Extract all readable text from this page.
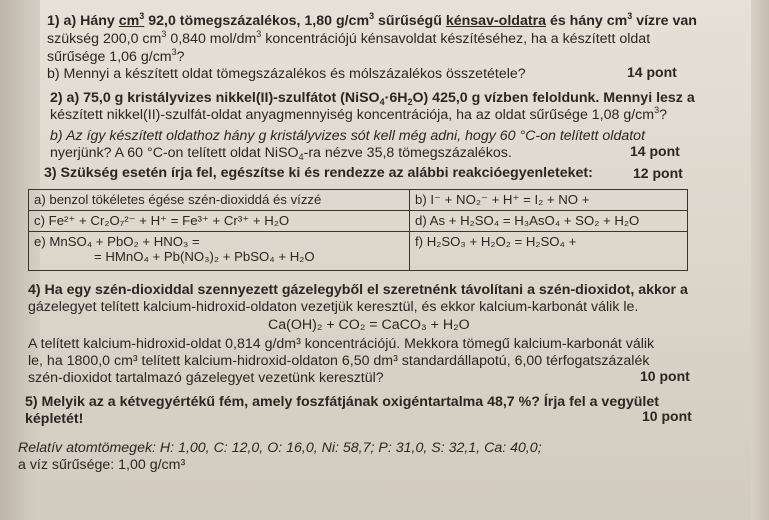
1) a) Hány $cm^3$ 92,0 tömegszázalékos, 1,80 $g/cm^3$ sűrűségű kénsav-oldatra és hány $cm^3$ vízre van
szükség 200,0 $cm^3$ 0,840 mol/$dm^3$ koncentrációjú kénsavoldat készítéséhez, ha a készített oldat
sűrűsége 1,06 $g/cm^3$?
b) Mennyi a készített oldat tömegszázalékos és mólszázalékos összetétele?	14 pont
2) a) 75,0 g kristályvizes nikkel(II)-szulfátot $(NiSO_4\cdot 6H_2O)$ 425,0 g vízben feloldunk. Mennyi lesz a
készített nikkel(II)-szulfát-oldat anyagmennyiség koncentrációja, ha az oldat sűrűsége 1,08 $g/cm^3$?
b) Az így készített oldathoz hány g kristályvizes sót kell még adni, hogy 60 °C-on telített oldatot
nyerjünk? A 60 °C-on telített oldat NiSO$_4$-ra nézve 35,8 tömegszázalékos.	14 pont
3) Szükség esetén írja fel, egészítse ki és rendezze az alábbi reakcióegyenleteket:	12 pont
a) benzol tökéletes égése szén-dioxiddá és vízzé	b) I⁻ + NO₂⁻ + H⁺ = I₂ + NO +
c) Fe²⁺ + Cr₂O₇²⁻ + H⁺ = Fe³⁺ + Cr³⁺ + H₂O	d) As + H₂SO₄ = H₃AsO₄ + SO₂ + H₂O
e) MnSO₄ + PbO₂ + HNO₃ =
= HMnO₄ + Pb(NO₃)₂ + PbSO₄ + H₂O	f) H₂SO₃ + H₂O₂ = H₂SO₄ +
4) Ha egy szén-dioxiddal szennyezett gázelegyből el szeretnénk távolítani a szén-dioxidot, akkor a
gázelegyet telített kalcium-hidroxid-oldaton vezetjük keresztül, és ekkor kalcium-karbonát válik le.
Ca(OH)₂ + CO₂ = CaCO₃ + H₂O
A telített kalcium-hidroxid-oldat 0,814 g/dm³ koncentrációjú. Mekkora tömegű kalcium-karbonát válik
le, ha 1800,0 cm³ telített kalcium-hidroxid-oldaton 6,50 dm³ standardállapotú, 6,00 térfogatszázalék
szén-dioxidot tartalmazó gázelegyet vezetünk keresztül?	10 pont
5) Melyik az a kétvegyértékű fém, amely foszfátjának oxigéntartalma 48,7 %? Írja fel a vegyület
képletét!	10 pont
Relatív atomtömegek: H: 1,00, C: 12,0, O: 16,0, Ni: 58,7; P: 31,0, S: 32,1, Ca: 40,0;
a víz sűrűsége: 1,00 g/cm³
